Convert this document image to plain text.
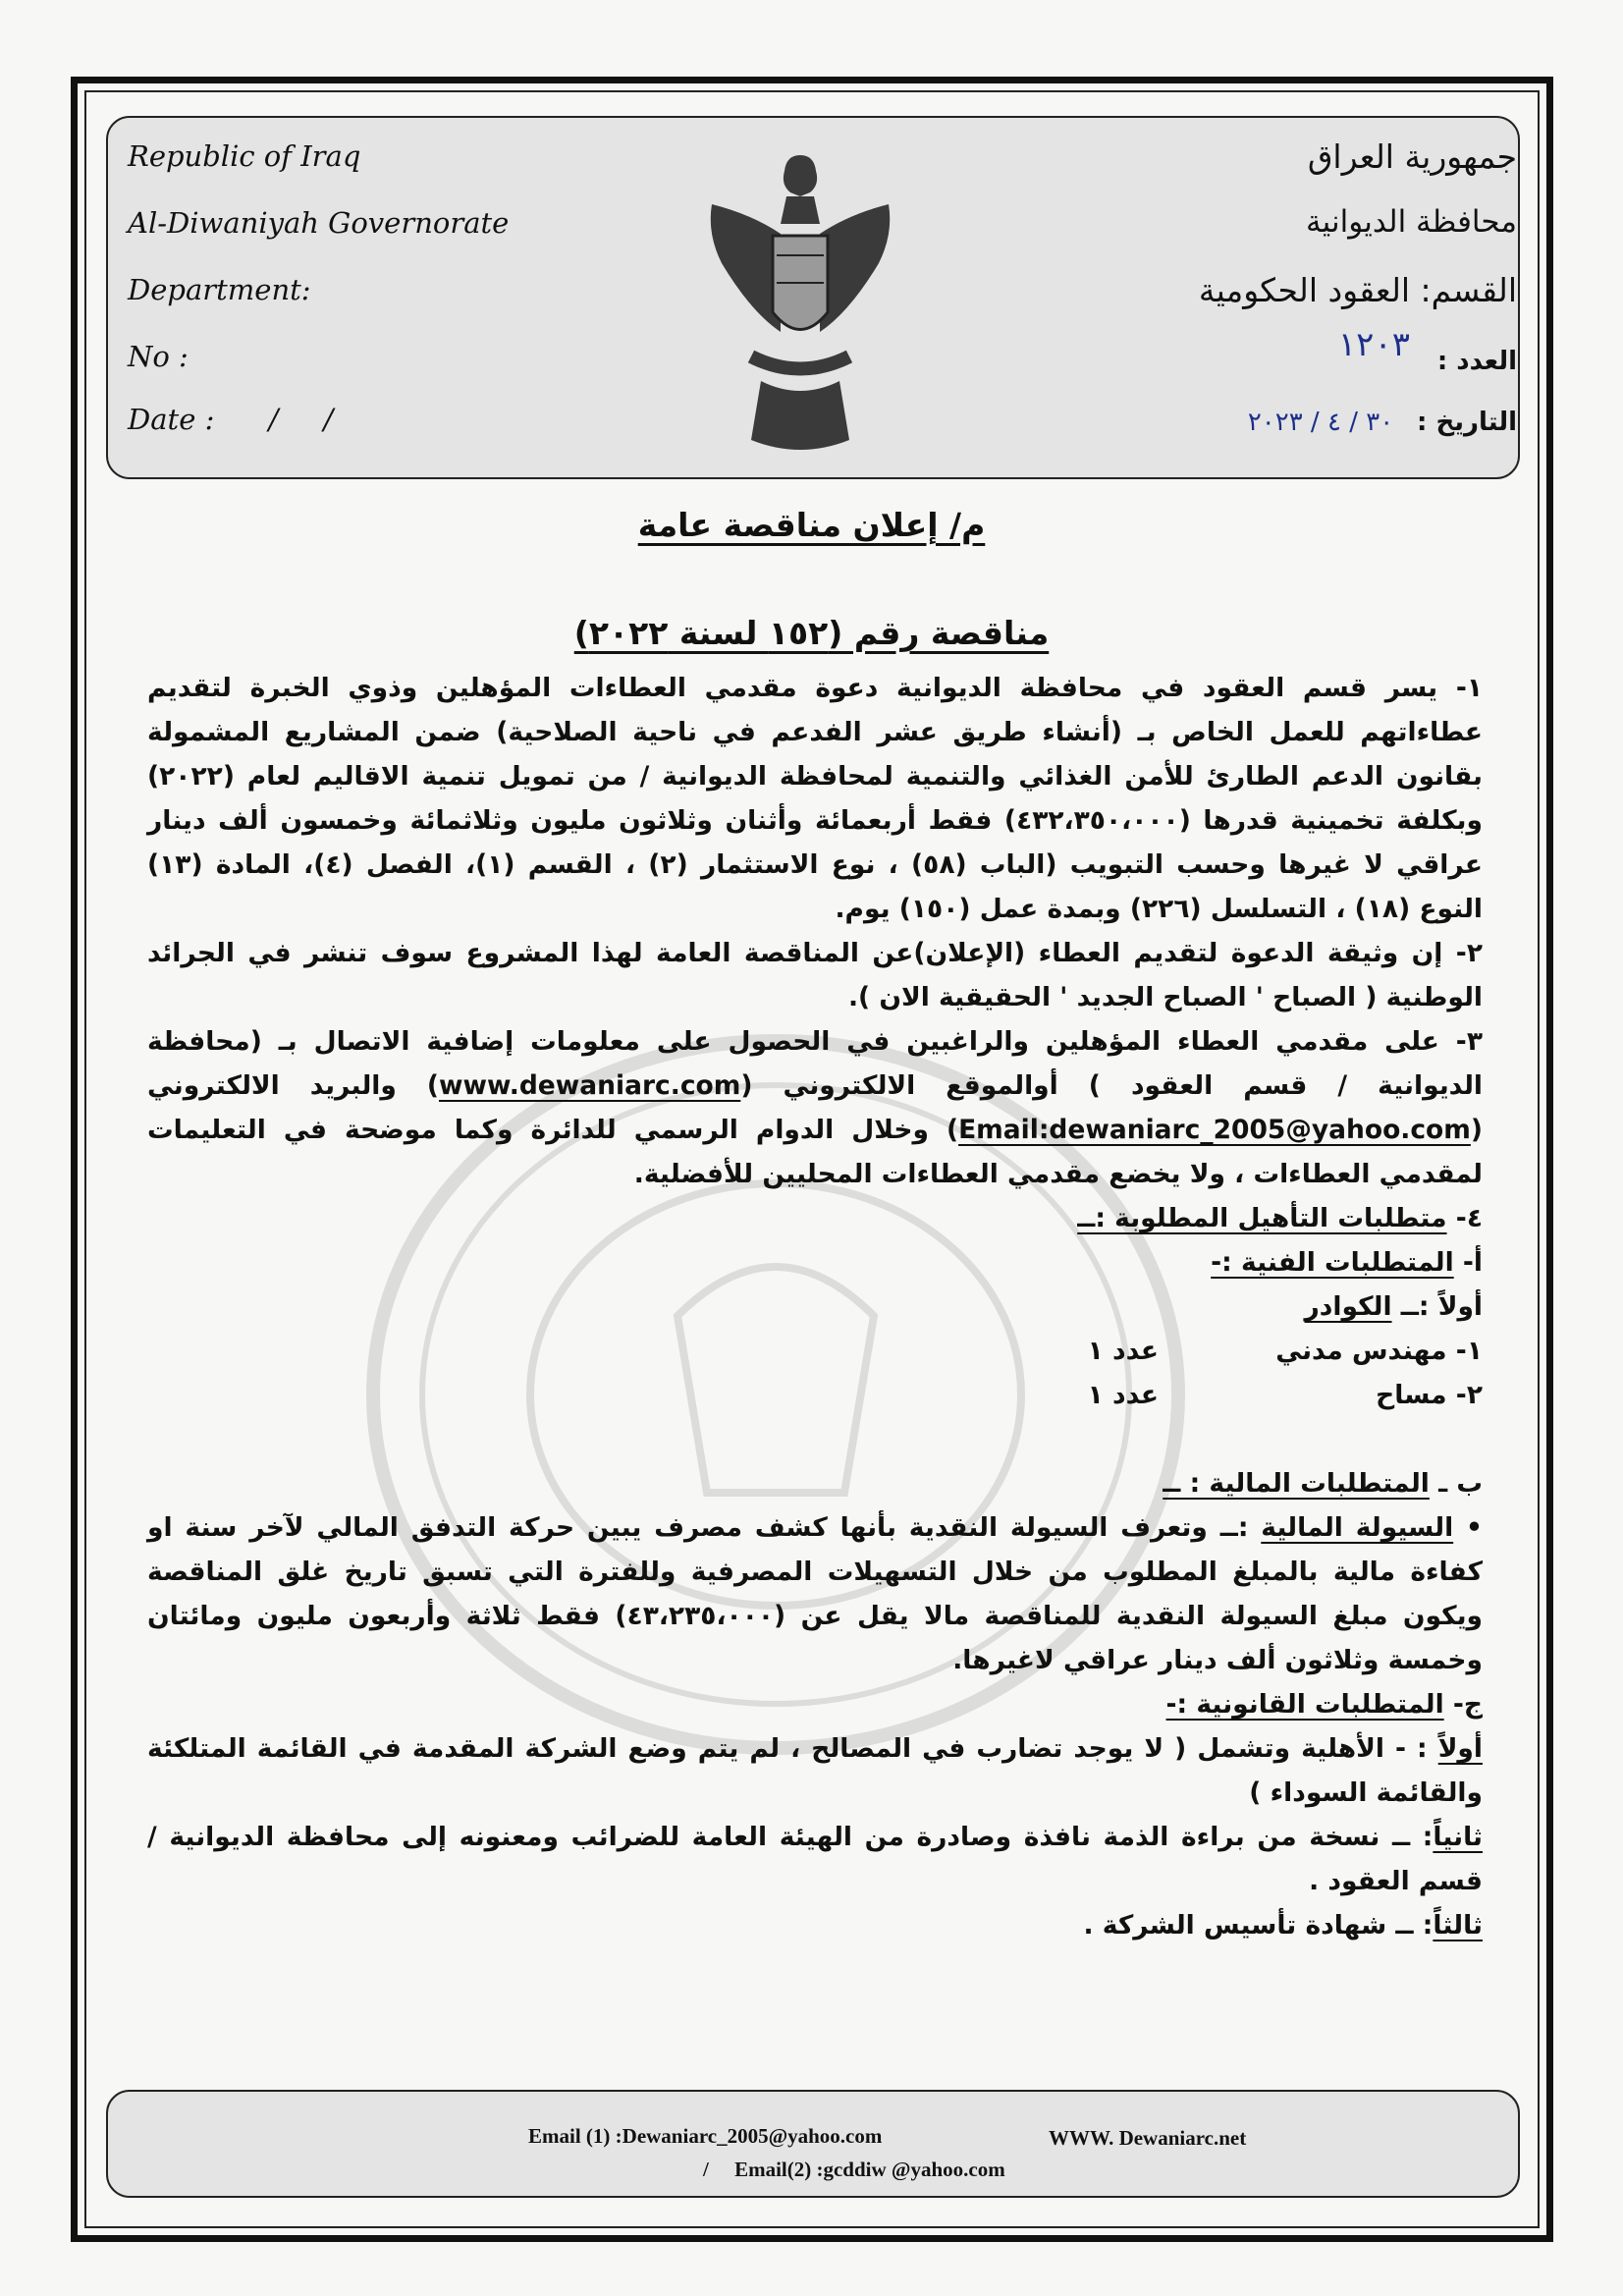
Republic of Iraq
Al-Diwaniyah Governorate
Department:
No :
Date :      /     /
جمهورية العراق
محافظة الديوانية
القسم: العقود الحكومية
العدد : ١٢٠٣
التاريخ : ٣٠ / ٤ / ٢٠٢٣
م/ إعلان مناقصة عامة
مناقصة رقم (١٥٢ لسنة ٢٠٢٢)

١- يسر قسم العقود في محافظة الديوانية دعوة مقدمي العطاءات المؤهلين وذوي الخبرة لتقديم عطاءاتهم للعمل الخاص بـ (أنشاء طريق عشر الفدعم في ناحية الصلاحية) ضمن المشاريع المشمولة بقانون الدعم الطارئ للأمن الغذائي والتنمية لمحافظة الديوانية / من تمويل تنمية الاقاليم لعام (٢٠٢٢) وبكلفة تخمينية قدرها (٤٣٢،٣٥٠،٠٠٠) فقط أربعمائة وأثنان وثلاثون مليون وثلاثمائة وخمسون ألف دينار عراقي لا غيرها وحسب التبويب (الباب (٥٨) ، نوع الاستثمار (٢) ، القسم (١)، الفصل (٤)، المادة (١٣) النوع (١٨) ، التسلسل (٢٢٦) وبمدة عمل (١٥٠) يوم.

٢- إن وثيقة الدعوة لتقديم العطاء (الإعلان)عن المناقصة العامة لهذا المشروع سوف تنشر في الجرائد الوطنية ( الصباح ' الصباح الجديد ' الحقيقية الان ).

٣- على مقدمي العطاء المؤهلين والراغبين في الحصول على معلومات إضافية الاتصال بـ (محافظة الديوانية / قسم العقود ) أوالموقع الالكتروني (www.dewaniarc.com) والبريد الالكتروني (Email:dewaniarc_2005@yahoo.com) وخلال الدوام الرسمي للدائرة وكما موضحة في التعليمات لمقدمي العطاءات ، ولا يخضع مقدمي العطاءات المحليين للأفضلية.

٤- متطلبات التأهيل المطلوبة :ــ

أ- المتطلبات الفنية :-

أولاً :ــ الكوادر

١- مهندس مدني
عدد ١
٢- مساح
عدد ١

ب ـ المتطلبات المالية : ــ

• السيولة المالية :ــ وتعرف السيولة النقدية بأنها كشف مصرف يبين حركة التدفق المالي لآخر سنة او كفاءة مالية بالمبلغ المطلوب من خلال التسهيلات المصرفية وللفترة التي تسبق تاريخ غلق المناقصة ويكون مبلغ السيولة النقدية للمناقصة مالا يقل عن (٤٣،٢٣٥،٠٠٠) فقط ثلاثة وأربعون مليون ومائتان وخمسة وثلاثون ألف دينار عراقي لاغيرها.

ج- المتطلبات القانونية :-

أولاً : - الأهلية وتشمل ( لا يوجد تضارب في المصالح ، لم يتم وضع الشركة المقدمة في القائمة المتلكئة والقائمة السوداء )

ثانياً: ــ نسخة من براءة الذمة نافذة وصادرة من الهيئة العامة للضرائب ومعنونه إلى محافظة الديوانية / قسم العقود .

ثالثاً: ــ شهادة تأسيس الشركة .

Email (1) :Dewaniarc_2005@yahoo.com	WWW. Dewaniarc.net
/     Email(2) :gcddiw @yahoo.com
